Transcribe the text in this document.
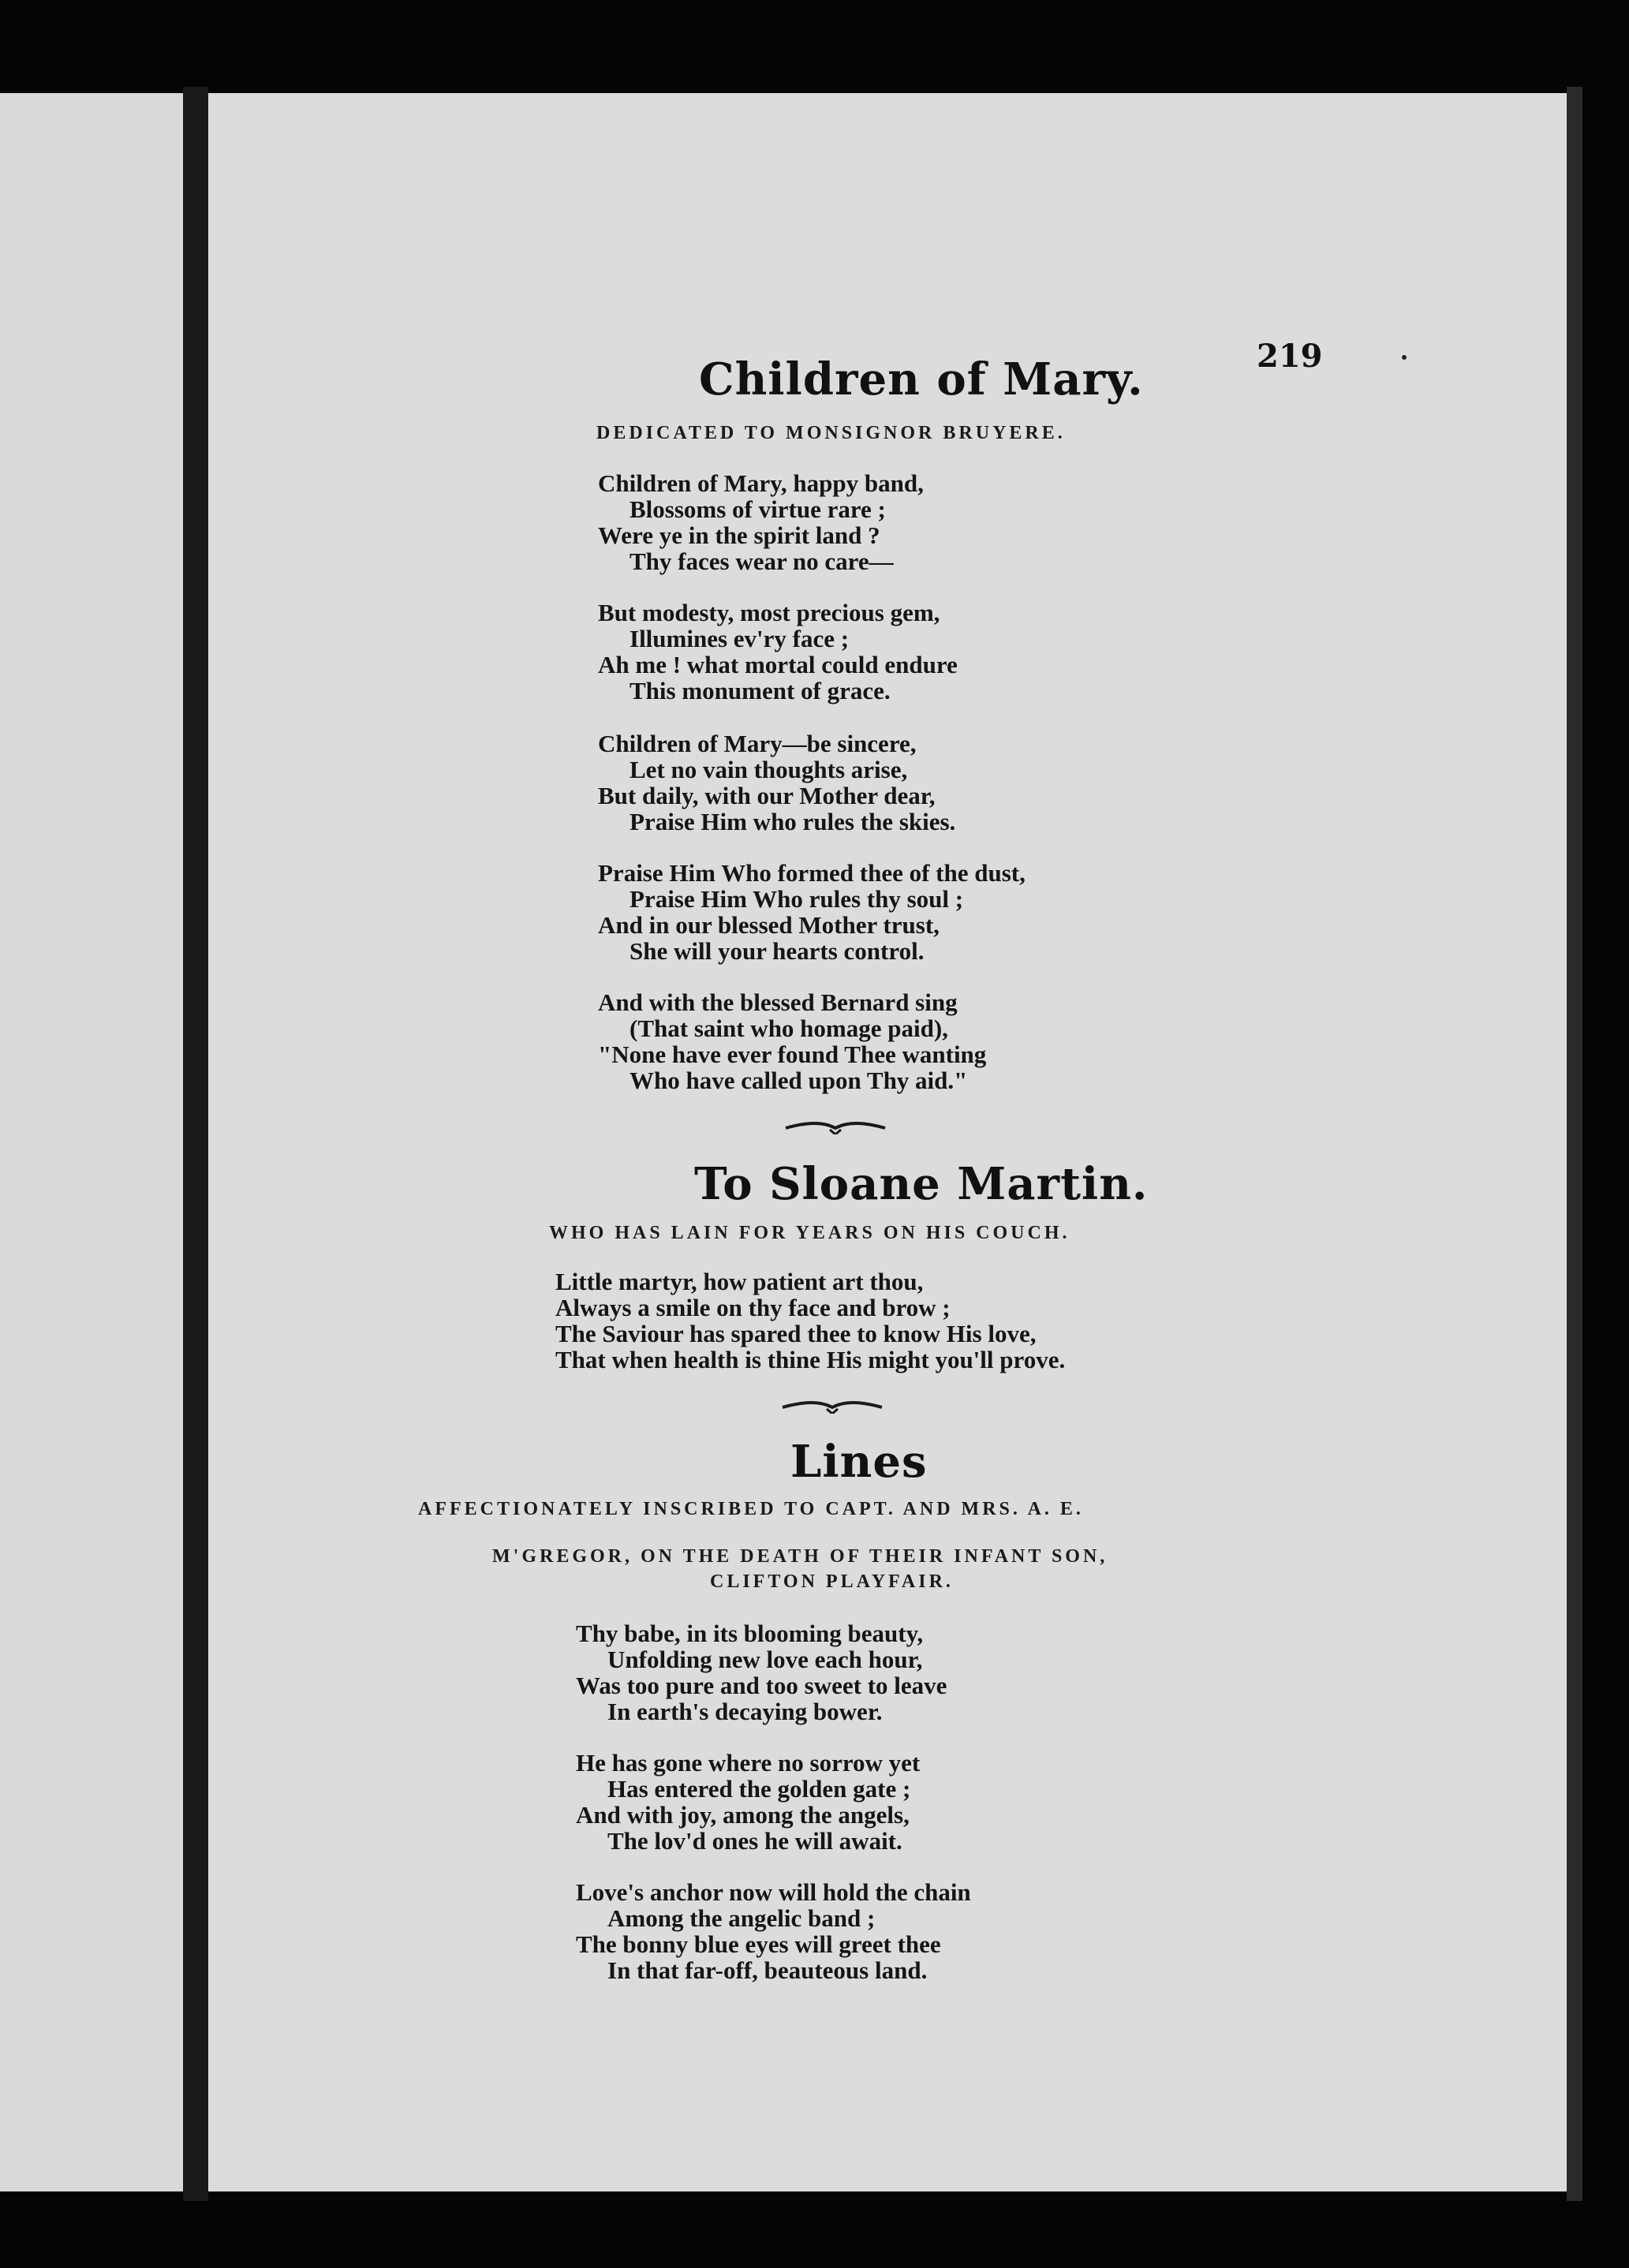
219
Children of Mary.
DEDICATED TO MONSIGNOR BRUYERE.
Children of Mary, happy band,
Blossoms of virtue rare ;
Were ye in the spirit land ?
Thy faces wear no care—
But modesty, most precious gem,
Illumines ev'ry face ;
Ah me ! what mortal could endure
This monument of grace.
Children of Mary—be sincere,
Let no vain thoughts arise,
But daily, with our Mother dear,
Praise Him who rules the skies.
Praise Him Who formed thee of the dust,
Praise Him Who rules thy soul ;
And in our blessed Mother trust,
She will your hearts control.
And with the blessed Bernard sing
(That saint who homage paid),
"None have ever found Thee wanting
Who have called upon Thy aid."
To Sloane Martin.
WHO HAS LAIN FOR YEARS ON HIS COUCH.
Little martyr, how patient art thou,
Always a smile on thy face and brow ;
The Saviour has spared thee to know His love,
That when health is thine His might you'll prove.
Lines
AFFECTIONATELY INSCRIBED TO CAPT. AND MRS. A. E.
M'GREGOR, ON THE DEATH OF THEIR INFANT SON,
CLIFTON PLAYFAIR.
Thy babe, in its blooming beauty,
Unfolding new love each hour,
Was too pure and too sweet to leave
In earth's decaying bower.
He has gone where no sorrow yet
Has entered the golden gate ;
And with joy, among the angels,
The lov'd ones he will await.
Love's anchor now will hold the chain
Among the angelic band ;
The bonny blue eyes will greet thee
In that far-off, beauteous land.
